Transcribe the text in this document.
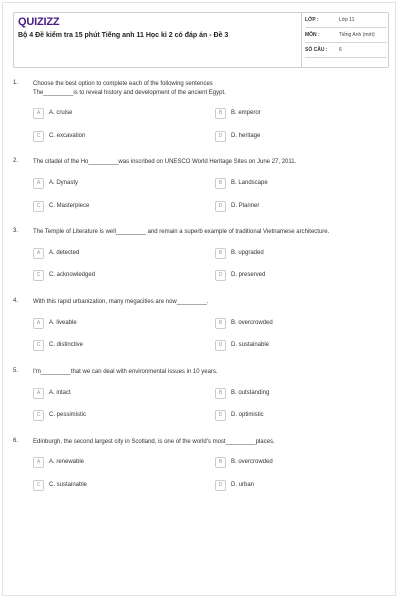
QUIZIZZ
Bộ 4 Đề kiểm tra 15 phút Tiếng anh 11 Học kì 2 có đáp án - Đề 3
LỚP :	Lớp 11
MÔN :	Tiếng Anh (mới)
SỐ CÂU : 6
1. Choose the best option to complete each of the following sentences
The_________is to reveal history and development of the ancient Egypt.
A	A. cruise	B	B. emperor
C	C. excavation	D	D. heritage
2. The citadel of the Ho_________was inscribed on UNESCO World Heritage Sites on June 27, 2011.
A	A. Dynasty	B	B. Landscape
C	C. Masterpiece	D	D. Planner
3. The Temple of Literature is well_________ and remain a superb example of traditional Vietnamese architecture.
A	A. detected	B	B. upgraded
C	C. acknowledged	D	D. preserved
4. With this rapid urbanization, many megacities are now_________.
A	A. liveable	B	B. overcrowded
C	C. distinctive	D	D. sustainable
5. I'm_________that we can deal with environmental issues in 10 years.
A	A. intact	B	B. outstanding
C	C. pessimistic	D	D. optimistic
6. Edinburgh, the second largest city in Scotland, is one of the world's most_________places.
A	A. renewable	B	B. overcrowded
C	C. sustainable	D	D. urban
